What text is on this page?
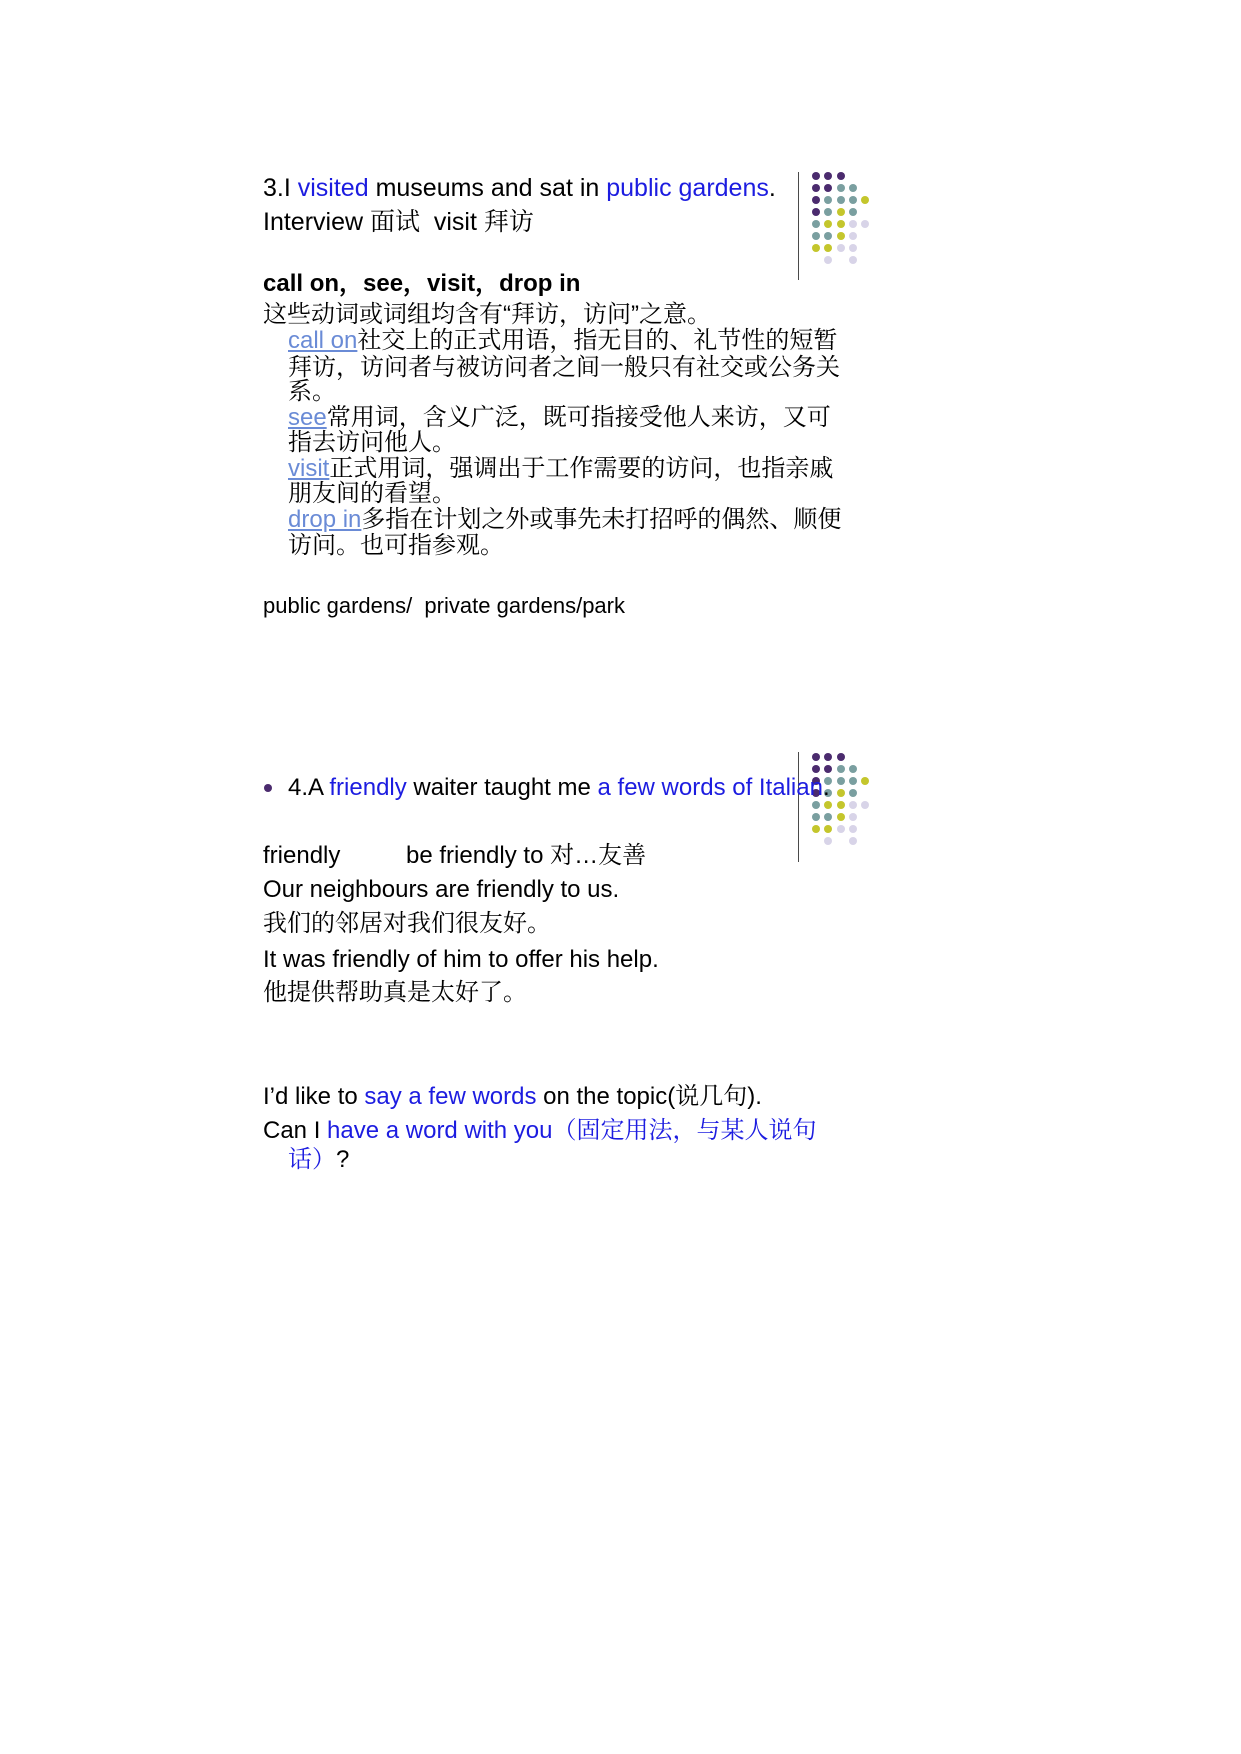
3.I visited museums and sat in public gardens.
Interview 面试  visit 拜访
call on，see，visit，drop in
这些动词或词组均含有“拜访，访问”之意。
call on社交上的正式用语，指无目的、礼节性的短暂
拜访，访问者与被访问者之间一般只有社交或公务关
系。
see常用词，含义广泛，既可指接受他人来访，又可
指去访问他人。
visit正式用词，强调出于工作需要的访问，也指亲戚
朋友间的看望。
drop in多指在计划之外或事先未打招呼的偶然、顺便
访问。也可指参观。
public gardens/  private gardens/park
4.A friendly waiter taught me a few words of Italian.
friendly	be friendly to 对…友善
Our neighbours are friendly to us.
我们的邻居对我们很友好。
It was friendly of him to offer his help.
他提供帮助真是太好了。
I’d like to say a few words on the topic(说几句).
Can I have a word with you（固定用法，与某人说句
话）?
